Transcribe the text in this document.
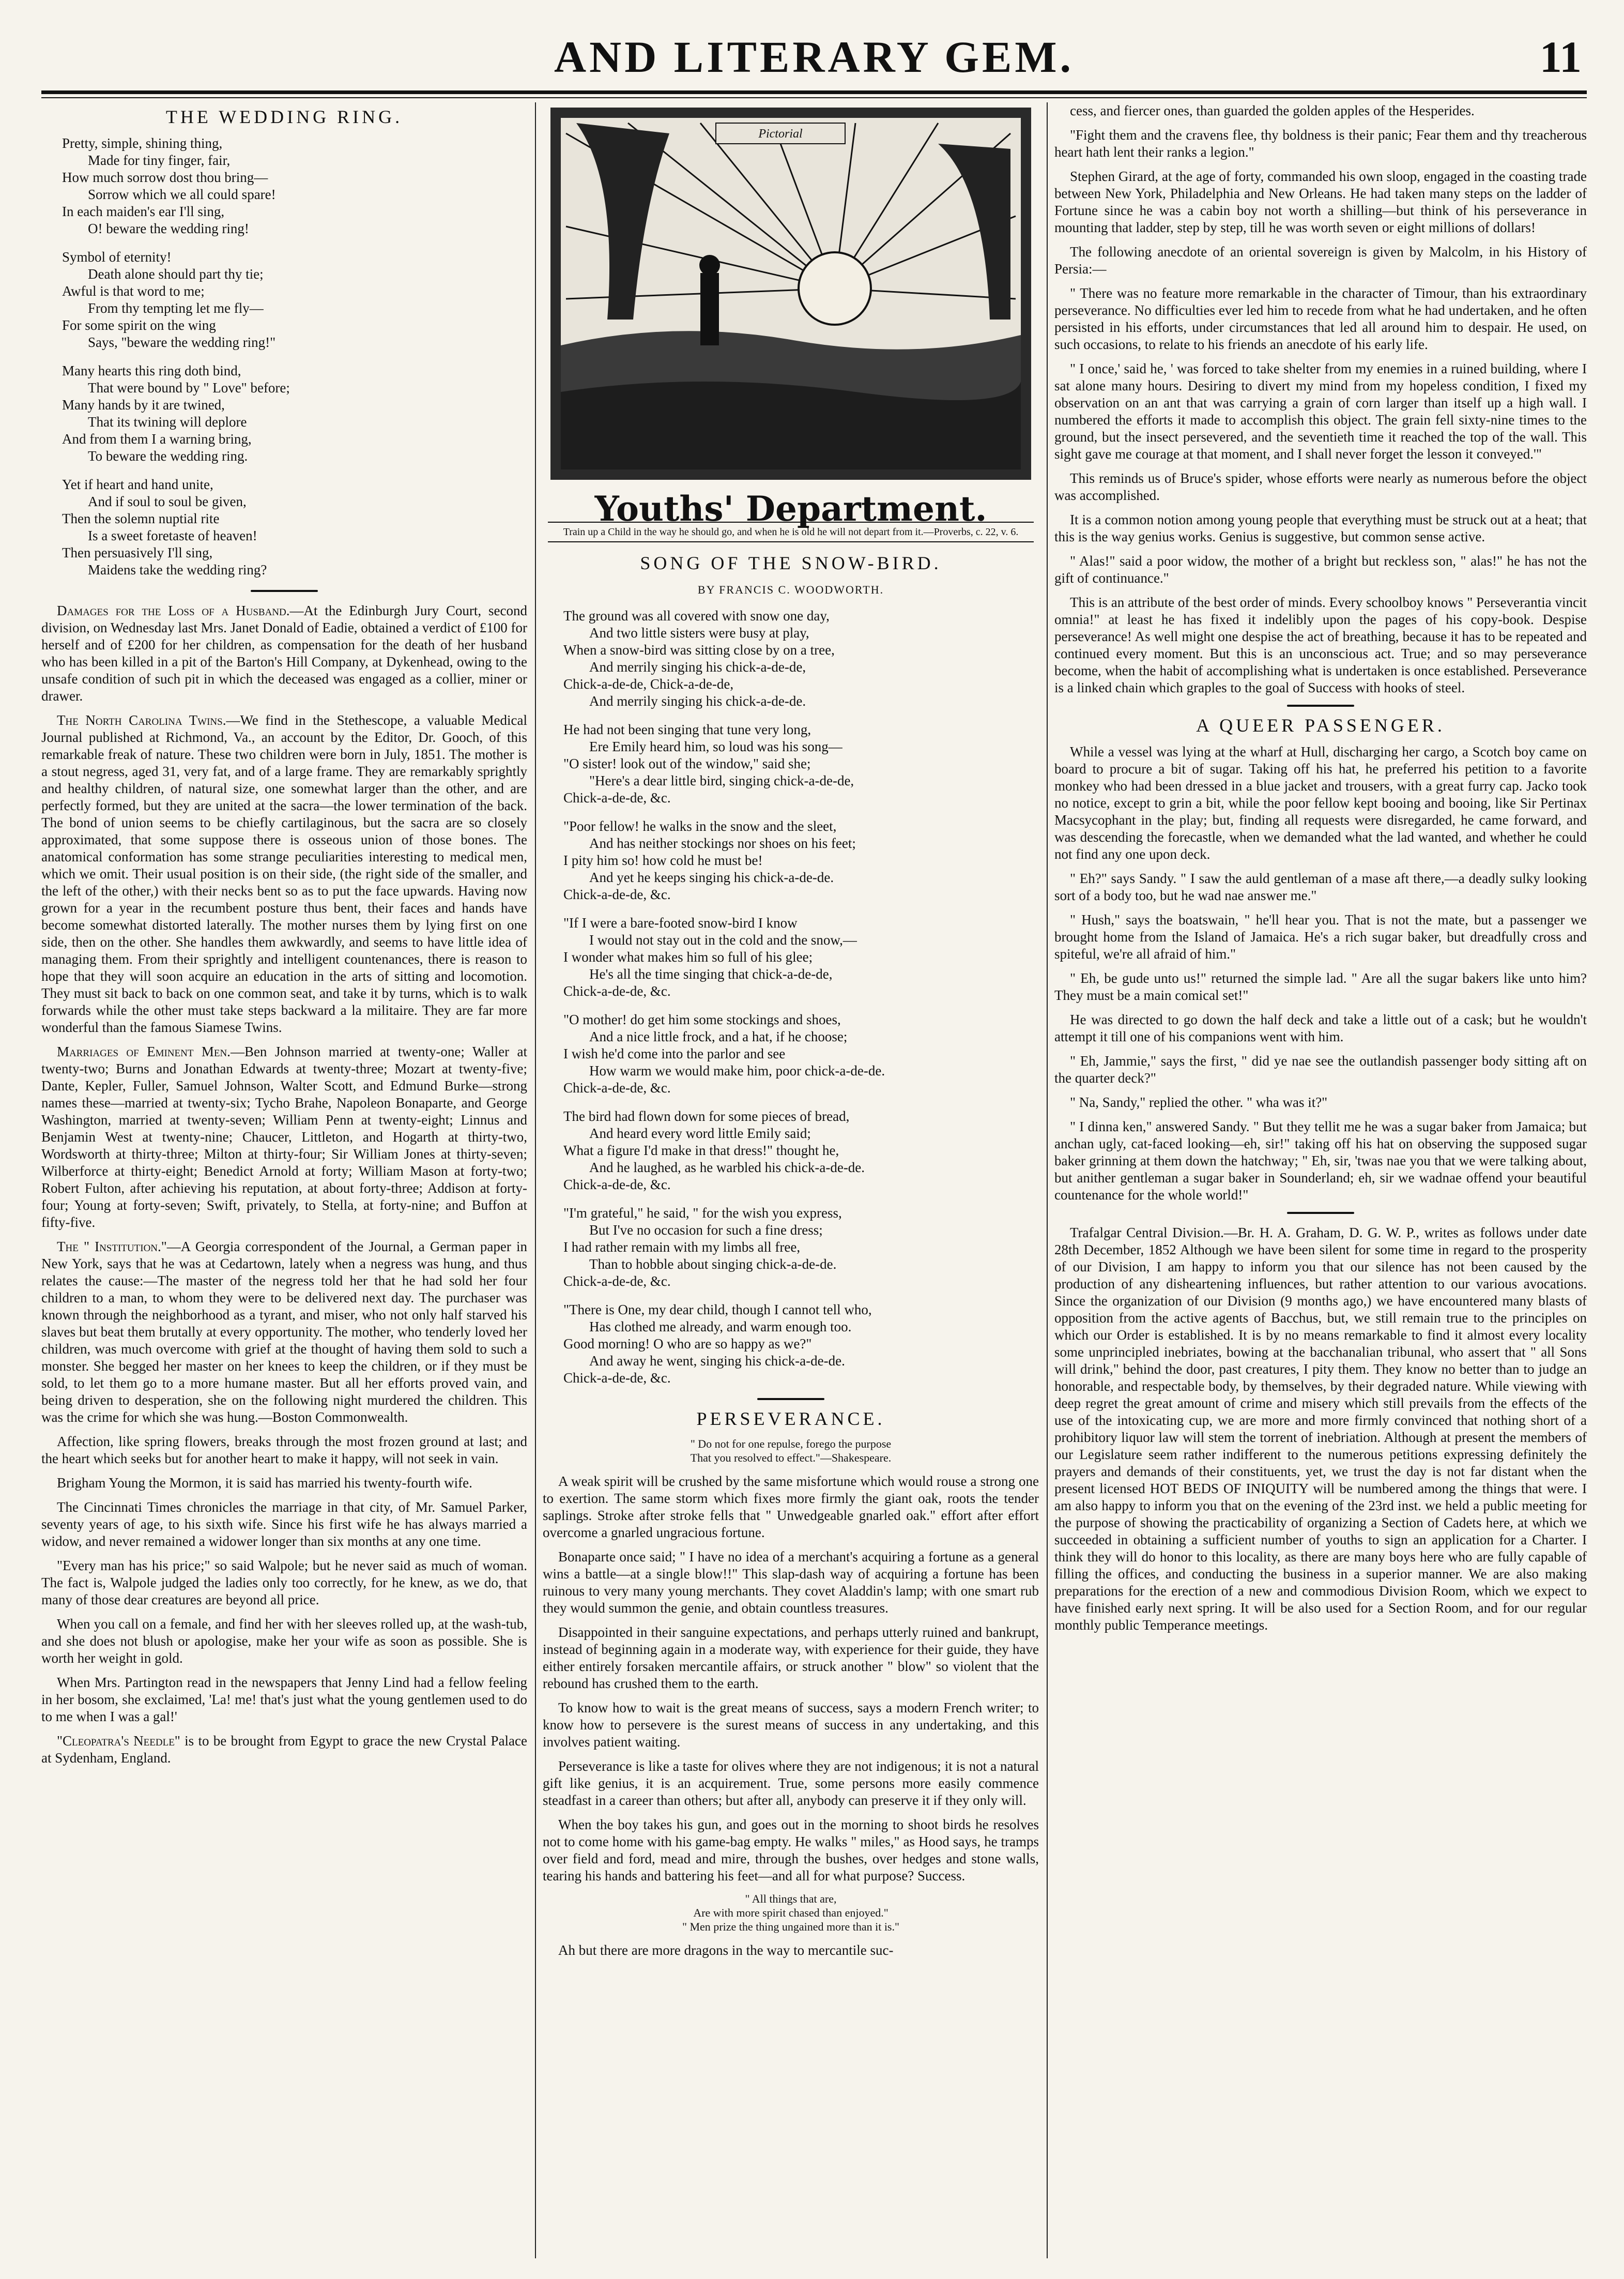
AND LITERARY GEM.	11
THE WEDDING RING.
Pretty, simple, shining thing,
Made for tiny finger, fair,
How much sorrow dost thou bring—
Sorrow which we all could spare!
In each maiden's ear I'll sing,
O! beware the wedding ring!
Symbol of eternity!
Death alone should part thy tie;
Awful is that word to me;
From thy tempting let me fly—
For some spirit on the wing
Says, "beware the wedding ring!"
Many hearts this ring doth bind,
That were bound by " Love" before;
Many hands by it are twined,
That its twining will deplore
And from them I a warning bring,
To beware the wedding ring.
Yet if heart and hand unite,
And if soul to soul be given,
Then the solemn nuptial rite
Is a sweet foretaste of heaven!
Then persuasively I'll sing,
Maidens take the wedding ring?

Damages for the Loss of a Husband.—At the Edinburgh Jury Court, second division, on Wednesday last Mrs. Janet Donald of Eadie, obtained a verdict of £100 for herself and of £200 for her children, as compensation for the death of her husband who has been killed in a pit of the Barton's Hill Company, at Dykenhead, owing to the unsafe condition of such pit in which the deceased was engaged as a collier, miner or drawer.

The North Carolina Twins.—We find in the Stethescope, a valuable Medical Journal published at Richmond, Va., an account by the Editor, Dr. Gooch, of this remarkable freak of nature. These two children were born in July, 1851. The mother is a stout negress, aged 31, very fat, and of a large frame. They are remarkably sprightly and healthy children, of natural size, one somewhat larger than the other, and are perfectly formed, but they are united at the sacra—the lower termination of the back. The bond of union seems to be chiefly cartilaginous, but the sacra are so closely approximated, that some suppose there is osseous union of those bones. The anatomical conformation has some strange peculiarities interesting to medical men, which we omit. Their usual position is on their side, (the right side of the smaller, and the left of the other,) with their necks bent so as to put the face upwards. Having now grown for a year in the recumbent posture thus bent, their faces and hands have become somewhat distorted laterally. The mother nurses them by lying first on one side, then on the other. She handles them awkwardly, and seems to have little idea of managing them. From their sprightly and intelligent countenances, there is reason to hope that they will soon acquire an education in the arts of sitting and locomotion. They must sit back to back on one common seat, and take it by turns, which is to walk forwards while the other must take steps backward a la militaire. They are far more wonderful than the famous Siamese Twins.

Marriages of Eminent Men.—Ben Johnson married at twenty-one; Waller at twenty-two; Burns and Jonathan Edwards at twenty-three; Mozart at twenty-five; Dante, Kepler, Fuller, Samuel Johnson, Walter Scott, and Edmund Burke—strong names these—married at twenty-six; Tycho Brahe, Napoleon Bonaparte, and George Washington, married at twenty-seven; William Penn at twenty-eight; Linnus and Benjamin West at twenty-nine; Chaucer, Littleton, and Hogarth at thirty-two, Wordsworth at thirty-three; Milton at thirty-four; Sir William Jones at thirty-seven; Wilberforce at thirty-eight; Benedict Arnold at forty; William Mason at forty-two; Robert Fulton, after achieving his reputation, at about forty-three; Addison at forty-four; Young at forty-seven; Swift, privately, to Stella, at forty-nine; and Buffon at fifty-five.

The " Institution."—A Georgia correspondent of the Journal, a German paper in New York, says that he was at Cedartown, lately when a negress was hung, and thus relates the cause:—The master of the negress told her that he had sold her four children to a man, to whom they were to be delivered next day. The purchaser was known through the neighborhood as a tyrant, and miser, who not only half starved his slaves but beat them brutally at every opportunity. The mother, who tenderly loved her children, was much overcome with grief at the thought of having them sold to such a monster. She begged her master on her knees to keep the children, or if they must be sold, to let them go to a more humane master. But all her efforts proved vain, and being driven to desperation, she on the following night murdered the children. This was the crime for which she was hung.—Boston Commonwealth.

Affection, like spring flowers, breaks through the most frozen ground at last; and the heart which seeks but for another heart to make it happy, will not seek in vain.

Brigham Young the Mormon, it is said has married his twenty-fourth wife.

The Cincinnati Times chronicles the marriage in that city, of Mr. Samuel Parker, seventy years of age, to his sixth wife. Since his first wife he has always married a widow, and never remained a widower longer than six months at any one time.

"Every man has his price;" so said Walpole; but he never said as much of woman. The fact is, Walpole judged the ladies only too correctly, for he knew, as we do, that many of those dear creatures are beyond all price.

When you call on a female, and find her with her sleeves rolled up, at the wash-tub, and she does not blush or apologise, make her your wife as soon as possible. She is worth her weight in gold.

When Mrs. Partington read in the newspapers that Jenny Lind had a fellow feeling in her bosom, she exclaimed, 'La! me! that's just what the young gentlemen used to do to me when I was a gal!'

"Cleopatra's Needle" is to be brought from Egypt to grace the new Crystal Palace at Sydenham, England.

Pictorial
Youths' Department.
Train up a Child in the way he should go, and when he is old he will not depart from it.—Proverbs, c. 22, v. 6.
SONG OF THE SNOW-BIRD.
BY FRANCIS C. WOODWORTH.
The ground was all covered with snow one day,
And two little sisters were busy at play,
When a snow-bird was sitting close by on a tree,
And merrily singing his chick-a-de-de,
Chick-a-de-de, Chick-a-de-de,
And merrily singing his chick-a-de-de.
He had not been singing that tune very long,
Ere Emily heard him, so loud was his song—
"O sister! look out of the window," said she;
"Here's a dear little bird, singing chick-a-de-de,
Chick-a-de-de, &c.
"Poor fellow! he walks in the snow and the sleet,
And has neither stockings nor shoes on his feet;
I pity him so! how cold he must be!
And yet he keeps singing his chick-a-de-de.
Chick-a-de-de, &c.
"If I were a bare-footed snow-bird I know
I would not stay out in the cold and the snow,—
I wonder what makes him so full of his glee;
He's all the time singing that chick-a-de-de,
Chick-a-de-de, &c.
"O mother! do get him some stockings and shoes,
And a nice little frock, and a hat, if he choose;
I wish he'd come into the parlor and see
How warm we would make him, poor chick-a-de-de.
Chick-a-de-de, &c.
The bird had flown down for some pieces of bread,
And heard every word little Emily said;
What a figure I'd make in that dress!" thought he,
And he laughed, as he warbled his chick-a-de-de.
Chick-a-de-de, &c.
"I'm grateful," he said, " for the wish you express,
But I've no occasion for such a fine dress;
I had rather remain with my limbs all free,
Than to hobble about singing chick-a-de-de.
Chick-a-de-de, &c.
"There is One, my dear child, though I cannot tell who,
Has clothed me already, and warm enough too.
Good morning! O who are so happy as we?"
And away he went, singing his chick-a-de-de.
Chick-a-de-de, &c.
PERSEVERANCE.
" Do not for one repulse, forego the purpose
That you resolved to effect."—Shakespeare.

A weak spirit will be crushed by the same misfortune which would rouse a strong one to exertion. The same storm which fixes more firmly the giant oak, roots the tender saplings. Stroke after stroke fells that " Unwedgeable gnarled oak." effort after effort overcome a gnarled ungracious fortune.

Bonaparte once said; " I have no idea of a merchant's acquiring a fortune as a general wins a battle—at a single blow!!" This slap-dash way of acquiring a fortune has been ruinous to very many young merchants. They covet Aladdin's lamp; with one smart rub they would summon the genie, and obtain countless treasures.

Disappointed in their sanguine expectations, and perhaps utterly ruined and bankrupt, instead of beginning again in a moderate way, with experience for their guide, they have either entirely forsaken mercantile affairs, or struck another " blow" so violent that the rebound has crushed them to the earth.

To know how to wait is the great means of success, says a modern French writer; to know how to persevere is the surest means of success in any undertaking, and this involves patient waiting.

Perseverance is like a taste for olives where they are not indigenous; it is not a natural gift like genius, it is an acquirement. True, some persons more easily commence steadfast in a career than others; but after all, anybody can preserve it if they only will.

When the boy takes his gun, and goes out in the morning to shoot birds he resolves not to come home with his game-bag empty. He walks " miles," as Hood says, he tramps over field and ford, mead and mire, through the bushes, over hedges and stone walls, tearing his hands and battering his feet—and all for what purpose? Success.

" All things that are,
Are with more spirit chased than enjoyed."
" Men prize the thing ungained more than it is."

Ah but there are more dragons in the way to mercantile suc-

cess, and fiercer ones, than guarded the golden apples of the Hesperides.

"Fight them and the cravens flee, thy boldness is their panic; Fear them and thy treacherous heart hath lent their ranks a legion."

Stephen Girard, at the age of forty, commanded his own sloop, engaged in the coasting trade between New York, Philadelphia and New Orleans. He had taken many steps on the ladder of Fortune since he was a cabin boy not worth a shilling—but think of his perseverance in mounting that ladder, step by step, till he was worth seven or eight millions of dollars!

The following anecdote of an oriental sovereign is given by Malcolm, in his History of Persia:—

" There was no feature more remarkable in the character of Timour, than his extraordinary perseverance. No difficulties ever led him to recede from what he had undertaken, and he often persisted in his efforts, under circumstances that led all around him to despair. He used, on such occasions, to relate to his friends an anecdote of his early life.

" I once,' said he, ' was forced to take shelter from my enemies in a ruined building, where I sat alone many hours. Desiring to divert my mind from my hopeless condition, I fixed my observation on an ant that was carrying a grain of corn larger than itself up a high wall. I numbered the efforts it made to accomplish this object. The grain fell sixty-nine times to the ground, but the insect persevered, and the seventieth time it reached the top of the wall. This sight gave me courage at that moment, and I shall never forget the lesson it conveyed.'"

This reminds us of Bruce's spider, whose efforts were nearly as numerous before the object was accomplished.

It is a common notion among young people that everything must be struck out at a heat; that this is the way genius works. Genius is suggestive, but common sense active.

" Alas!" said a poor widow, the mother of a bright but reckless son, " alas!" he has not the gift of continuance."

This is an attribute of the best order of minds. Every schoolboy knows " Perseverantia vincit omnia!" at least he has fixed it indelibly upon the pages of his copy-book. Despise perseverance! As well might one despise the act of breathing, because it has to be repeated and continued every moment. But this is an unconscious act. True; and so may perseverance become, when the habit of accomplishing what is undertaken is once established. Perseverance is a linked chain which graples to the goal of Success with hooks of steel.

A QUEER PASSENGER.

While a vessel was lying at the wharf at Hull, discharging her cargo, a Scotch boy came on board to procure a bit of sugar. Taking off his hat, he preferred his petition to a favorite monkey who had been dressed in a blue jacket and trousers, with a great furry cap. Jacko took no notice, except to grin a bit, while the poor fellow kept booing and booing, like Sir Pertinax Macsycophant in the play; but, finding all requests were disregarded, he came forward, and was descending the forecastle, when we demanded what the lad wanted, and whether he could not find any one upon deck.

" Eh?" says Sandy. " I saw the auld gentleman of a mase aft there,—a deadly sulky looking sort of a body too, but he wad nae answer me."

" Hush," says the boatswain, " he'll hear you. That is not the mate, but a passenger we brought home from the Island of Jamaica. He's a rich sugar baker, but dreadfully cross and spiteful, we're all afraid of him."

" Eh, be gude unto us!" returned the simple lad. " Are all the sugar bakers like unto him? They must be a main comical set!"

He was directed to go down the half deck and take a little out of a cask; but he wouldn't attempt it till one of his companions went with him.

" Eh, Jammie," says the first, " did ye nae see the outlandish passenger body sitting aft on the quarter deck?"

" Na, Sandy," replied the other. " wha was it?"

" I dinna ken," answered Sandy. " But they tellit me he was a sugar baker from Jamaica; but anchan ugly, cat-faced looking—eh, sir!" taking off his hat on observing the supposed sugar baker grinning at them down the hatchway; " Eh, sir, 'twas nae you that we were talking about, but anither gentleman a sugar baker in Sounderland; eh, sir we wadnae offend your beautiful countenance for the whole world!"

Trafalgar Central Division.—Br. H. A. Graham, D. G. W. P., writes as follows under date 28th December, 1852 Although we have been silent for some time in regard to the prosperity of our Division, I am happy to inform you that our silence has not been caused by the production of any disheartening influences, but rather attention to our various avocations. Since the organization of our Division (9 months ago,) we have encountered many blasts of opposition from the active agents of Bacchus, but, we still remain true to the principles on which our Order is established. It is by no means remarkable to find it almost every locality some unprincipled inebriates, bowing at the bacchanalian tribunal, who assert that " all Sons will drink," behind the door, past creatures, I pity them. They know no better than to judge an honorable, and respectable body, by themselves, by their degraded nature. While viewing with deep regret the great amount of crime and misery which still prevails from the effects of the use of the intoxicating cup, we are more and more firmly convinced that nothing short of a prohibitory liquor law will stem the torrent of inebriation. Although at present the members of our Legislature seem rather indifferent to the numerous petitions expressing definitely the prayers and demands of their constituents, yet, we trust the day is not far distant when the present licensed HOT BEDS OF INIQUITY will be numbered among the things that were. I am also happy to inform you that on the evening of the 23rd inst. we held a public meeting for the purpose of showing the practicability of organizing a Section of Cadets here, at which we succeeded in obtaining a sufficient number of youths to sign an application for a Charter. I think they will do honor to this locality, as there are many boys here who are fully capable of filling the offices, and conducting the business in a superior manner. We are also making preparations for the erection of a new and commodious Division Room, which we expect to have finished early next spring. It will be also used for a Section Room, and for our regular monthly public Temperance meetings.
